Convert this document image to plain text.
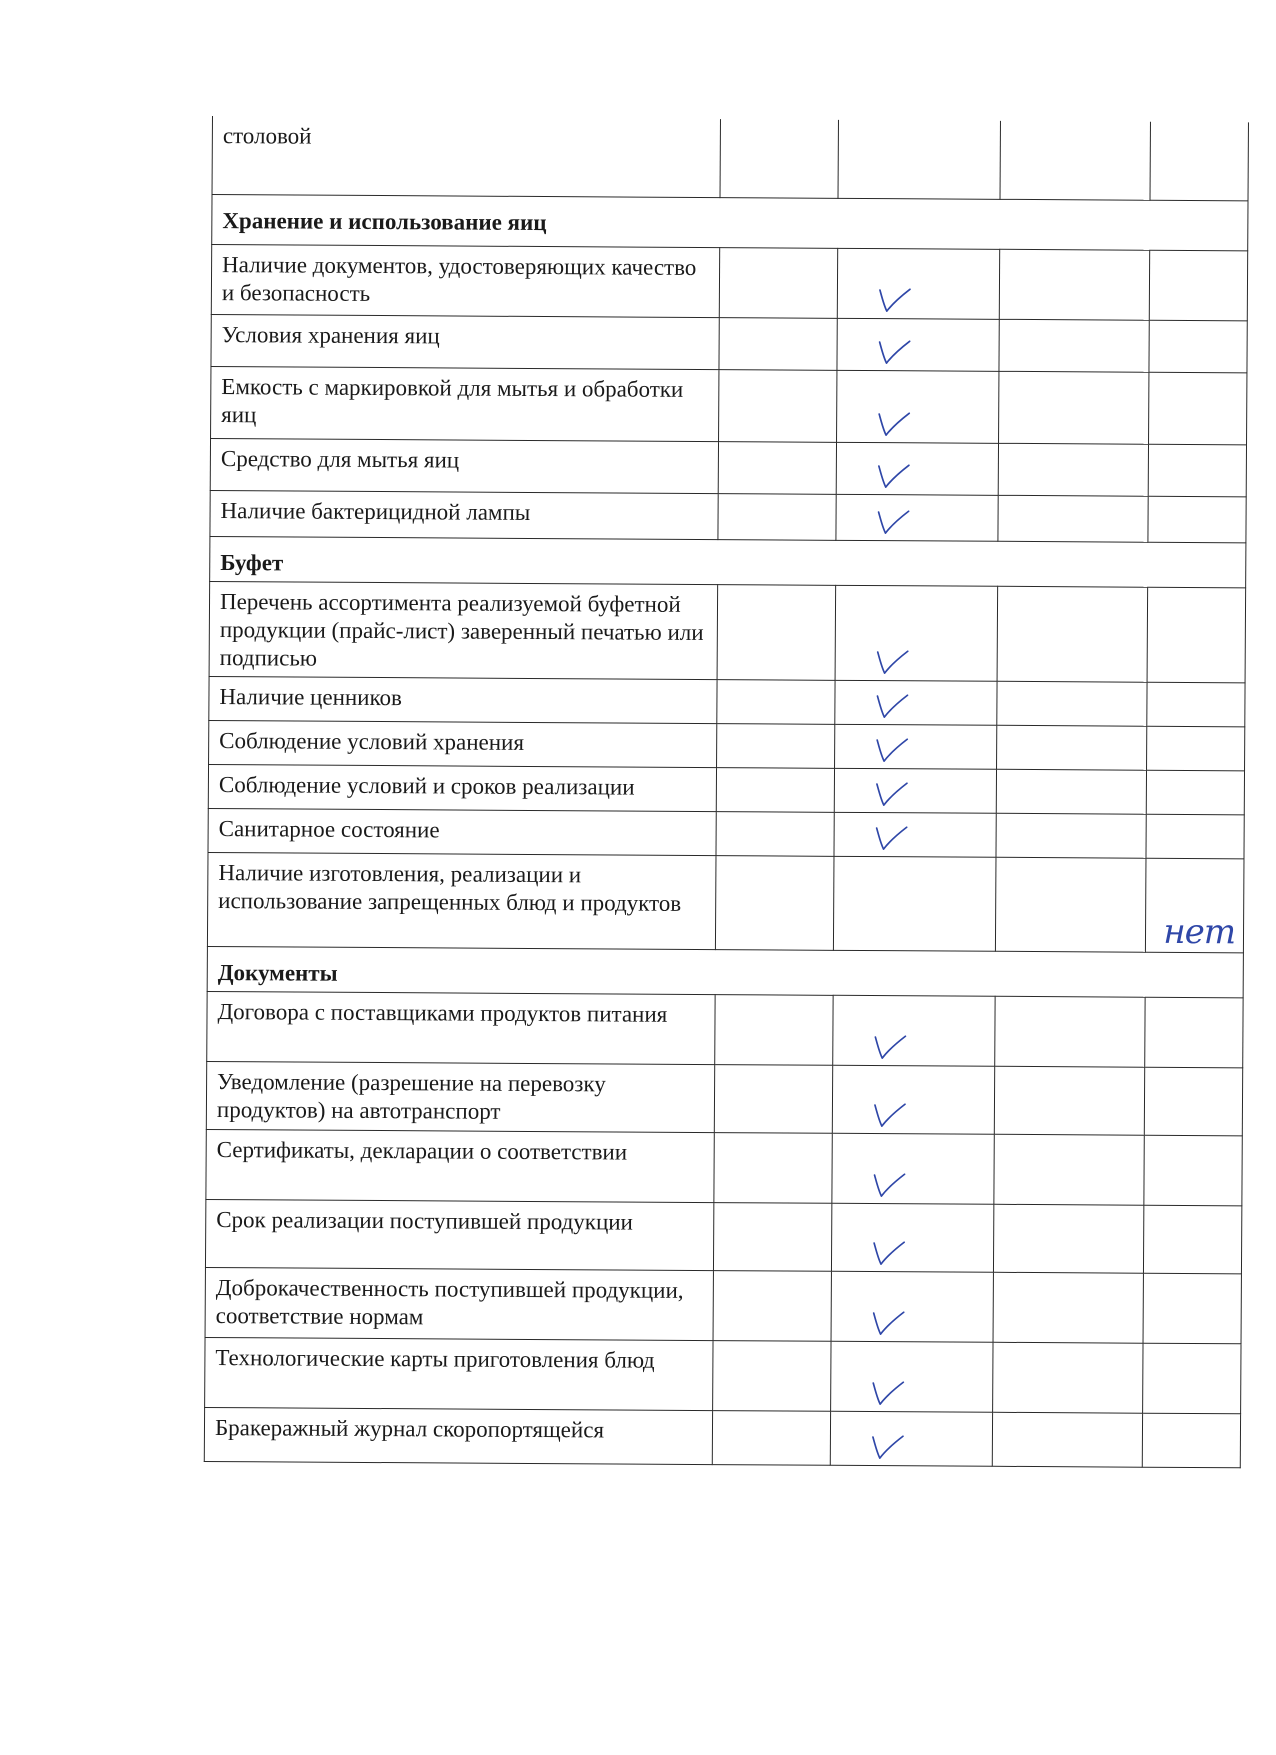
столовой				
Хранение и использование яиц				
Наличие документов, удостоверяющих качество и безопасность		

Условия хранения яиц		

Емкость с маркировкой для мытья и обработки яиц		

Средство для мытья яиц		

Наличие бактерицидной лампы		

Буфет				
Перечень ассортимента реализуемой буфетной продукции (прайс-лист) заверенный печатью или подписью		

Наличие ценников		

Соблюдение условий хранения		

Соблюдение условий и сроков реализации		

Санитарное состояние		

Наличие изготовления, реализации и использование запрещенных блюд и продуктов				нет

Документы				
Договора с поставщиками продуктов питания		

Уведомление (разрешение на перевозку продуктов) на автотранспорт		

Сертификаты, декларации о соответствии		

Срок реализации поступившей продукции		

Доброкачественность поступившей продукции, соответствие нормам		

Технологические карты приготовления блюд		

Бракеражный журнал скоропортящейся		
